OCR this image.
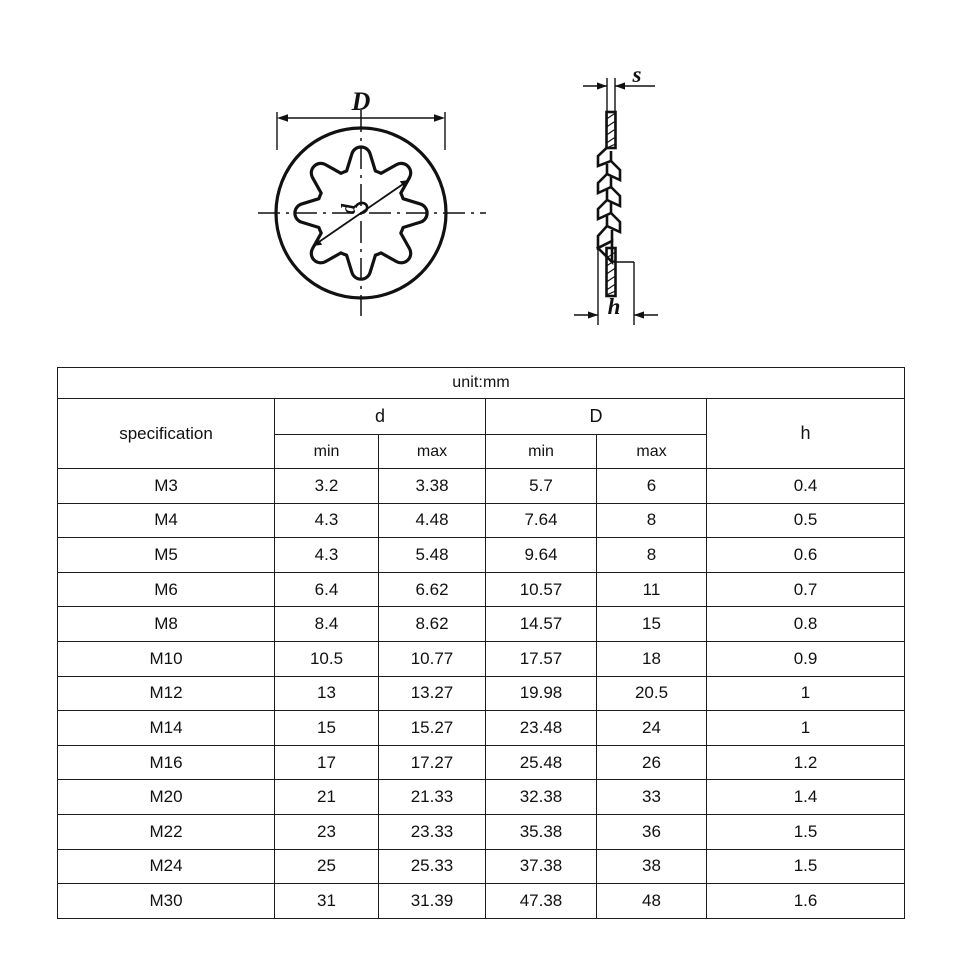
D
d
s
h
unit:mm					
specification	d		D		h
	min	max	min	max	
M3	3.2	3.38	5.7	6	0.4
M4	4.3	4.48	7.64	8	0.5
M5	4.3	5.48	9.64	8	0.6
M6	6.4	6.62	10.57	11	0.7
M8	8.4	8.62	14.57	15	0.8
M10	10.5	10.77	17.57	18	0.9
M12	13	13.27	19.98	20.5	1
M14	15	15.27	23.48	24	1
M16	17	17.27	25.48	26	1.2
M20	21	21.33	32.38	33	1.4
M22	23	23.33	35.38	36	1.5
M24	25	25.33	37.38	38	1.5
M30	31	31.39	47.38	48	1.6
